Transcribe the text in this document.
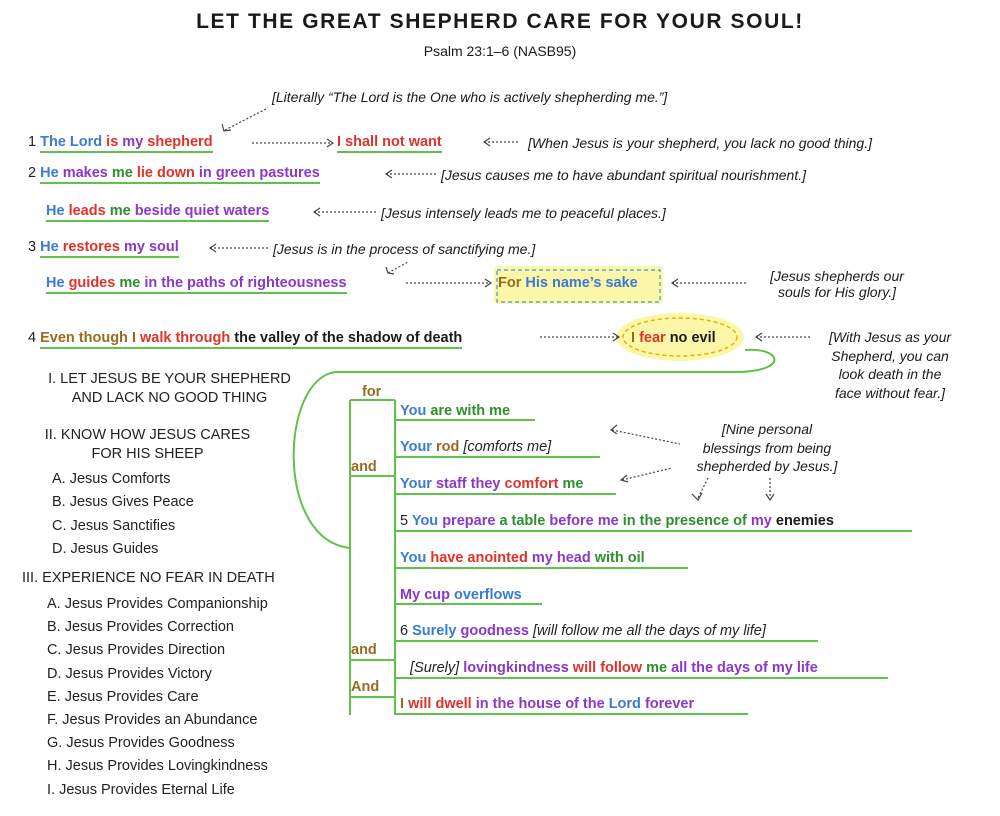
LET THE GREAT SHEPHERD CARE FOR YOUR SOUL!
Psalm 23:1–6 (NASB95)
[Literally “The Lord is the One who is actively shepherding me.”]
[When Jesus is your shepherd, you lack no good thing.]
[Jesus causes me to have abundant spiritual nourishment.]
[Jesus intensely leads me to peaceful places.]
[Jesus is in the process of sanctifying me.]
[Jesus shepherds our
souls for His glory.]
[With Jesus as your
Shepherd, you can
look death in the
face without fear.]
[Nine personal
blessings from being
shepherded by Jesus.]
1 The Lord is my shepherd	I shall not want
2 He makes me lie down in green pastures
He leads me beside quiet waters
3 He restores my soul
He guides me in the paths of righteousness	For His name’s sake
4 Even though I walk through the valley of the shadow of death	I fear no evil
for
and
and
And
You are with me
Your rod [comforts me]
Your staff they comfort me
5 You prepare a table before me in the presence of my enemies
You have anointed my head with oil
My cup overflows
6 Surely goodness [will follow me all the days of my life]
[Surely] lovingkindness will follow me all the days of my life
I will dwell in the house of the Lord forever
I. LET JESUS BE YOUR SHEPHERD
AND LACK NO GOOD THING
II. KNOW HOW JESUS CARES
FOR HIS SHEEP
A. Jesus Comforts
B. Jesus Gives Peace
C. Jesus Sanctifies
D. Jesus Guides
III. EXPERIENCE NO FEAR IN DEATH
A. Jesus Provides Companionship
B. Jesus Provides Correction
C. Jesus Provides Direction
D. Jesus Provides Victory
E. Jesus Provides Care
F. Jesus Provides an Abundance
G. Jesus Provides Goodness
H. Jesus Provides Lovingkindness
I. Jesus Provides Eternal Life
